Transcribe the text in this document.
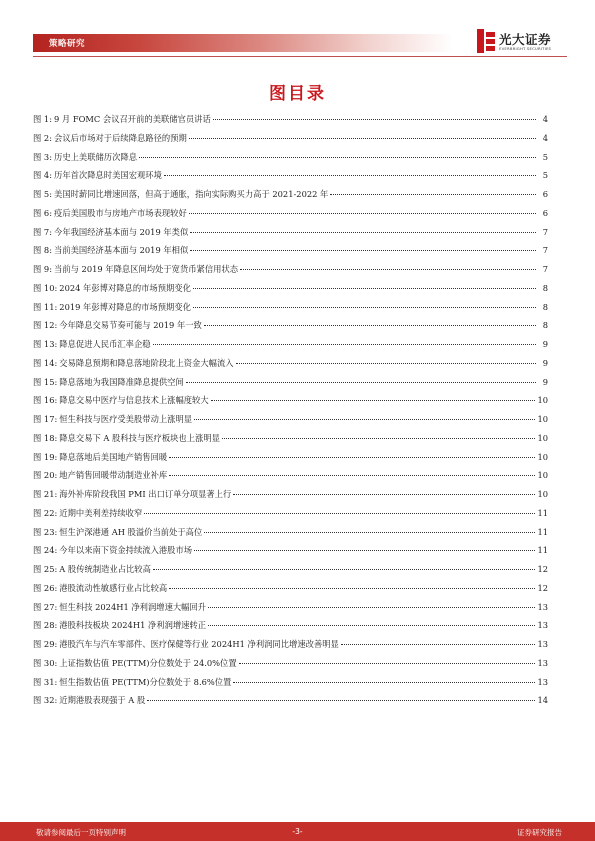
策略研究	光大证券
EVERBRIGHT SECURITIES
图目录
图 1: 9 月 FOMC 会议召开前的美联储官员讲话	4
图 2: 会议后市场对于后续降息路径的预期	4
图 3: 历史上美联储历次降息	5
图 4: 历年首次降息时美国宏观环境	5
图 5: 美国时薪同比增速回落，但高于通胀，指向实际购买力高于 2021-2022 年	6
图 6: 疫后美国股市与房地产市场表现较好	6
图 7: 今年我国经济基本面与 2019 年类似	7
图 8: 当前美国经济基本面与 2019 年相似	7
图 9: 当前与 2019 年降息区间均处于宽货币紧信用状态	7
图 10: 2024 年彭博对降息的市场预期变化	8
图 11: 2019 年彭博对降息的市场预期变化	8
图 12: 今年降息交易节奏可能与 2019 年一致	8
图 13: 降息促进人民币汇率企稳	9
图 14: 交易降息预期和降息落地阶段北上资金大幅流入	9
图 15: 降息落地为我国降准降息提供空间	9
图 16: 降息交易中医疗与信息技术上涨幅度较大	10
图 17: 恒生科技与医疗受美股带动上涨明显	10
图 18: 降息交易下 A 股科技与医疗板块也上涨明显	10
图 19: 降息落地后美国地产销售回暖	10
图 20: 地产销售回暖带动制造业补库	10
图 21: 海外补库阶段我国 PMI 出口订单分项显著上行	10
图 22: 近期中美利差持续收窄	11
图 23: 恒生沪深港通 AH 股溢价当前处于高位	11
图 24: 今年以来南下资金持续流入港股市场	11
图 25: A 股传统制造业占比较高	12
图 26: 港股流动性敏感行业占比较高	12
图 27: 恒生科技 2024H1 净利润增速大幅回升	13
图 28: 港股科技板块 2024H1 净利润增速转正	13
图 29: 港股汽车与汽车零部件、医疗保健等行业 2024H1 净利润同比增速改善明显	13
图 30: 上证指数估值 PE(TTM)分位数处于 24.0%位置	13
图 31: 恒生指数估值 PE(TTM)分位数处于 8.6%位置	13
图 32: 近期港股表现强于 A 股	14
敬请参阅最后一页特别声明	-3-	证券研究报告
